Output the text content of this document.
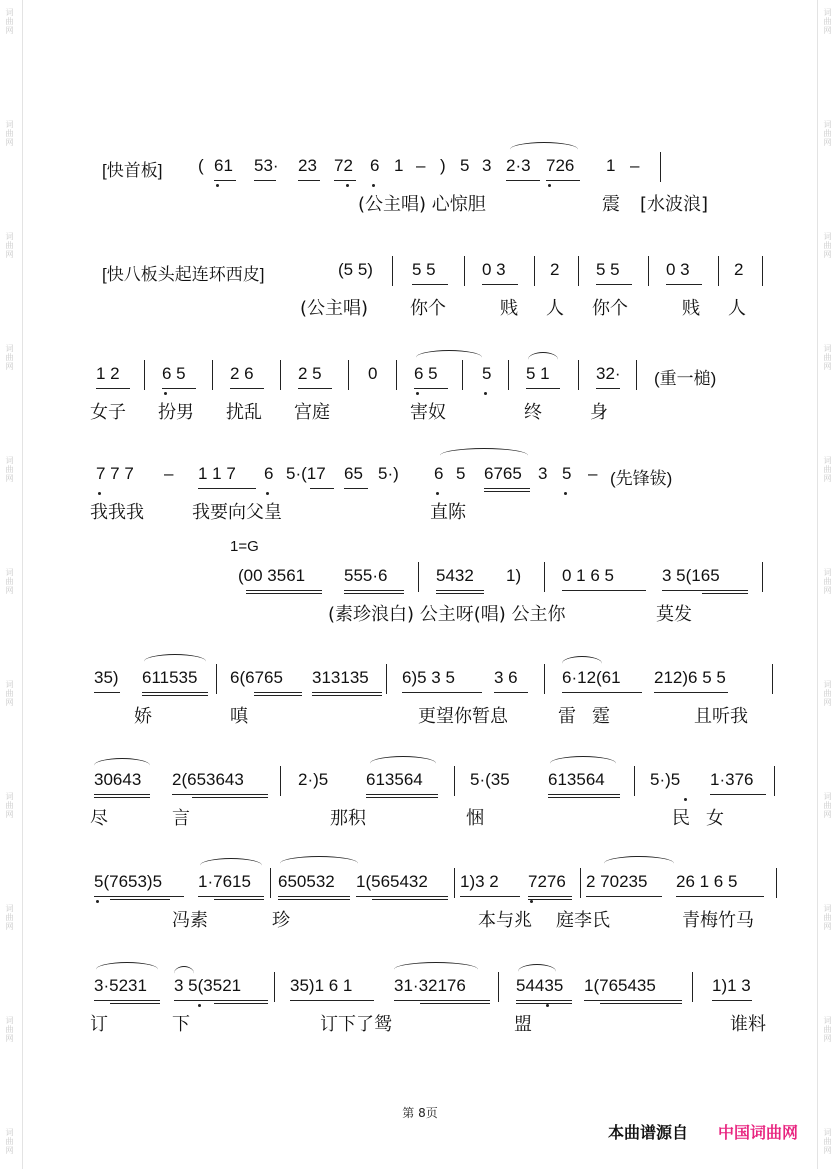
词曲网
词曲网
词曲网
词曲网
词曲网
词曲网
词曲网
词曲网
词曲网
词曲网
词曲网
词曲网
词曲网
词曲网
词曲网
词曲网
词曲网
词曲网
词曲网
词曲网
词曲网
词曲网
[快首板] ( 61 53· 23 72 6 1 – ) 5 3 2·3 726 1 –
(公主唱) 心惊胆	震 [水波浪]
[快八板头起连环西皮]	(5 5) 5 5	0 3	2 5 5	0 3	2
(公主唱) 你个	贱 人 你个	贱 人
1 2 6 5	2 6	2 5	0 6 5	5 5 1	32· (重一槌)
女子 扮男 扰乱 宫庭	害奴	终	身
7 7 7 – 1 1 7 6 5·(17 65 5·) 6 5 6765 3 5 – (先锋钹)
我我我	我要向父皇	直陈
1=G
(00 3561 555·6	5432 1) 0 1 6 5	3 5(165
(素珍浪白) 公主呀(唱) 公主你	莫发
35) 611535 6(6765 313135 6)5 3 5 3 6	6·12(61 212)6 5 5
娇	嗔	更望你暂息	雷 霆	且听我
30643 2(653643	2·)5 613564	5·(35 613564	5·)5 1·376
尽	言	那积	悃	民 女
5(7653)5 1·7615 650532 1(565432 1)3 2 7276 2 70235 26 1 6 5
冯素	珍	本与兆 庭李氏	青梅竹马
3·5231 3 5(3521	35)1 6 1 31·32176	54435 1(765435	1)1 3
订	下	订下了鸳	盟	谁料
第 8页
本曲谱源自 中国词曲网
